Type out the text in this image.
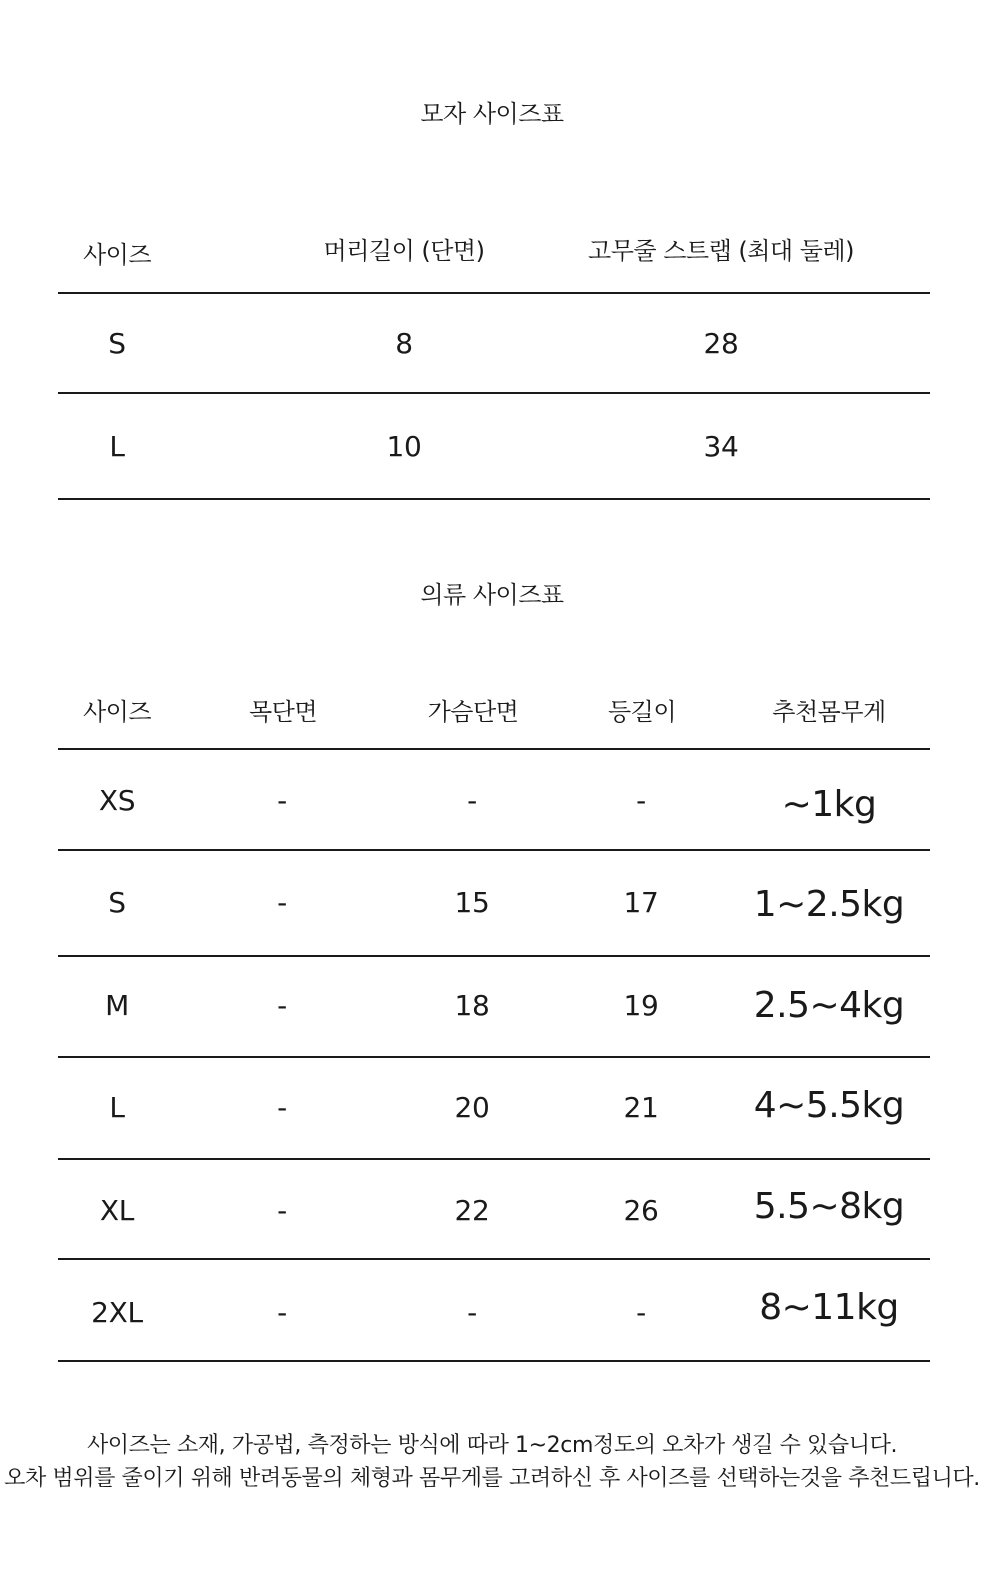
모자 사이즈표
사이즈	머리길이 (단면)	고무줄 스트랩 (최대 둘레)
S	8	28
L	10	34
의류 사이즈표
사이즈	목단면	가슴단면	등길이	추천몸무게
XS	-	-	-	~1kg
S	-	15	17	1~2.5kg
M	-	18	19	2.5~4kg
L	-	20	21	4~5.5kg
XL	-	22	26	5.5~8kg
2XL	-	-	-	8~11kg
사이즈는 소재, 가공법, 측정하는 방식에 따라 1~2cm정도의 오차가 생길 수 있습니다.
오차 범위를 줄이기 위해 반려동물의 체형과 몸무게를 고려하신 후 사이즈를 선택하는것을 추천드립니다.
